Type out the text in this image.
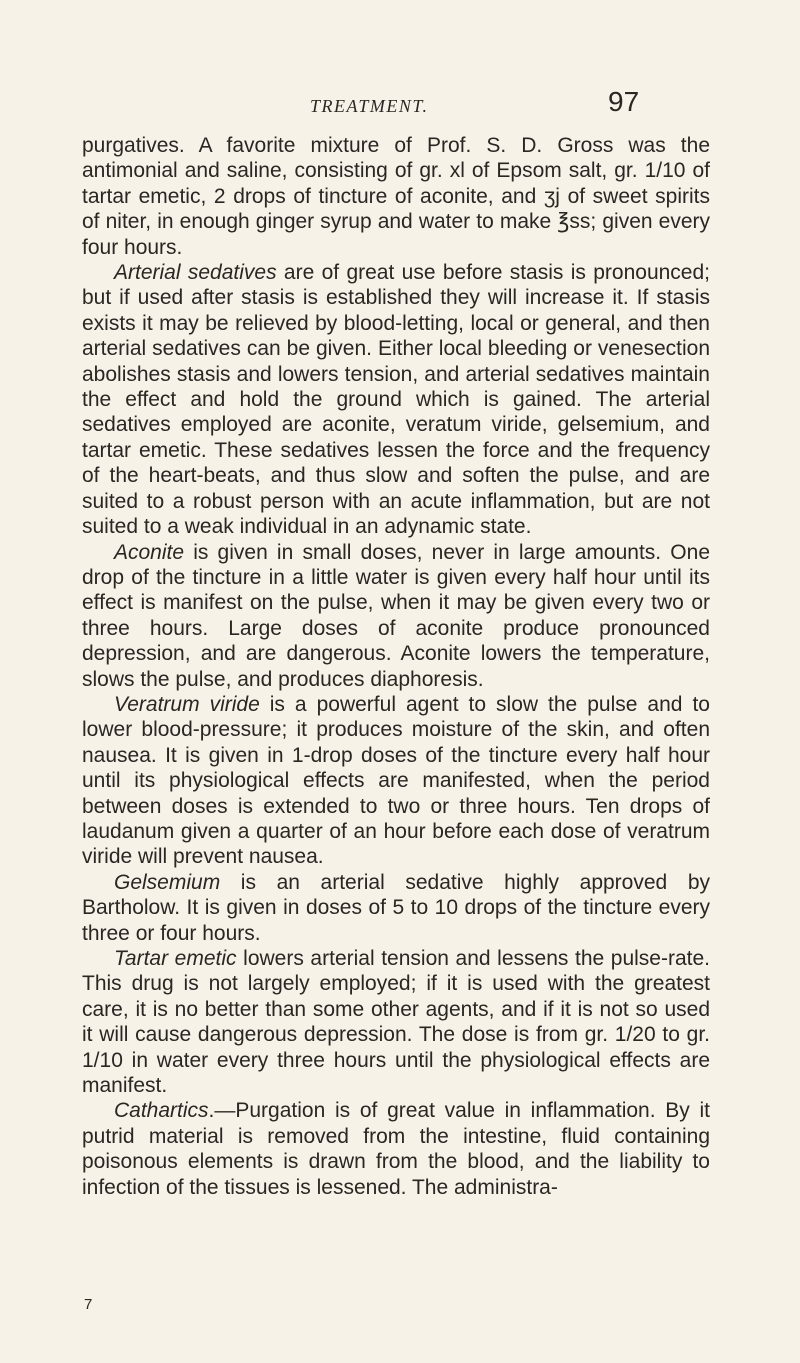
TREATMENT.	97

purgatives. A favorite mixture of Prof. S. D. Gross was the antimonial and saline, consisting of gr. xl of Epsom salt, gr. 1/10 of tartar emetic, 2 drops of tincture of aconite, and ʒj of sweet spirits of niter, in enough ginger syrup and water to make ℥ss; given every four hours.

Arterial sedatives are of great use before stasis is pronounced; but if used after stasis is established they will increase it. If stasis exists it may be relieved by blood-letting, local or general, and then arterial sedatives can be given. Either local bleeding or venesection abolishes stasis and lowers tension, and arterial sedatives maintain the effect and hold the ground which is gained. The arterial sedatives employed are aconite, veratum viride, gelsemium, and tartar emetic. These sedatives lessen the force and the frequency of the heart-beats, and thus slow and soften the pulse, and are suited to a robust person with an acute inflammation, but are not suited to a weak individual in an adynamic state.

Aconite is given in small doses, never in large amounts. One drop of the tincture in a little water is given every half hour until its effect is manifest on the pulse, when it may be given every two or three hours. Large doses of aconite produce pronounced depression, and are dangerous. Aconite lowers the temperature, slows the pulse, and produces diaphoresis.

Veratrum viride is a powerful agent to slow the pulse and to lower blood-pressure; it produces moisture of the skin, and often nausea. It is given in 1-drop doses of the tincture every half hour until its physiological effects are manifested, when the period between doses is extended to two or three hours. Ten drops of laudanum given a quarter of an hour before each dose of veratrum viride will prevent nausea.

Gelsemium is an arterial sedative highly approved by Bartholow. It is given in doses of 5 to 10 drops of the tincture every three or four hours.

Tartar emetic lowers arterial tension and lessens the pulse-rate. This drug is not largely employed; if it is used with the greatest care, it is no better than some other agents, and if it is not so used it will cause dangerous depression. The dose is from gr. 1/20 to gr. 1/10 in water every three hours until the physiological effects are manifest.

Cathartics.—Purgation is of great value in inflammation. By it putrid material is removed from the intestine, fluid containing poisonous elements is drawn from the blood, and the liability to infection of the tissues is lessened. The administra-

7
